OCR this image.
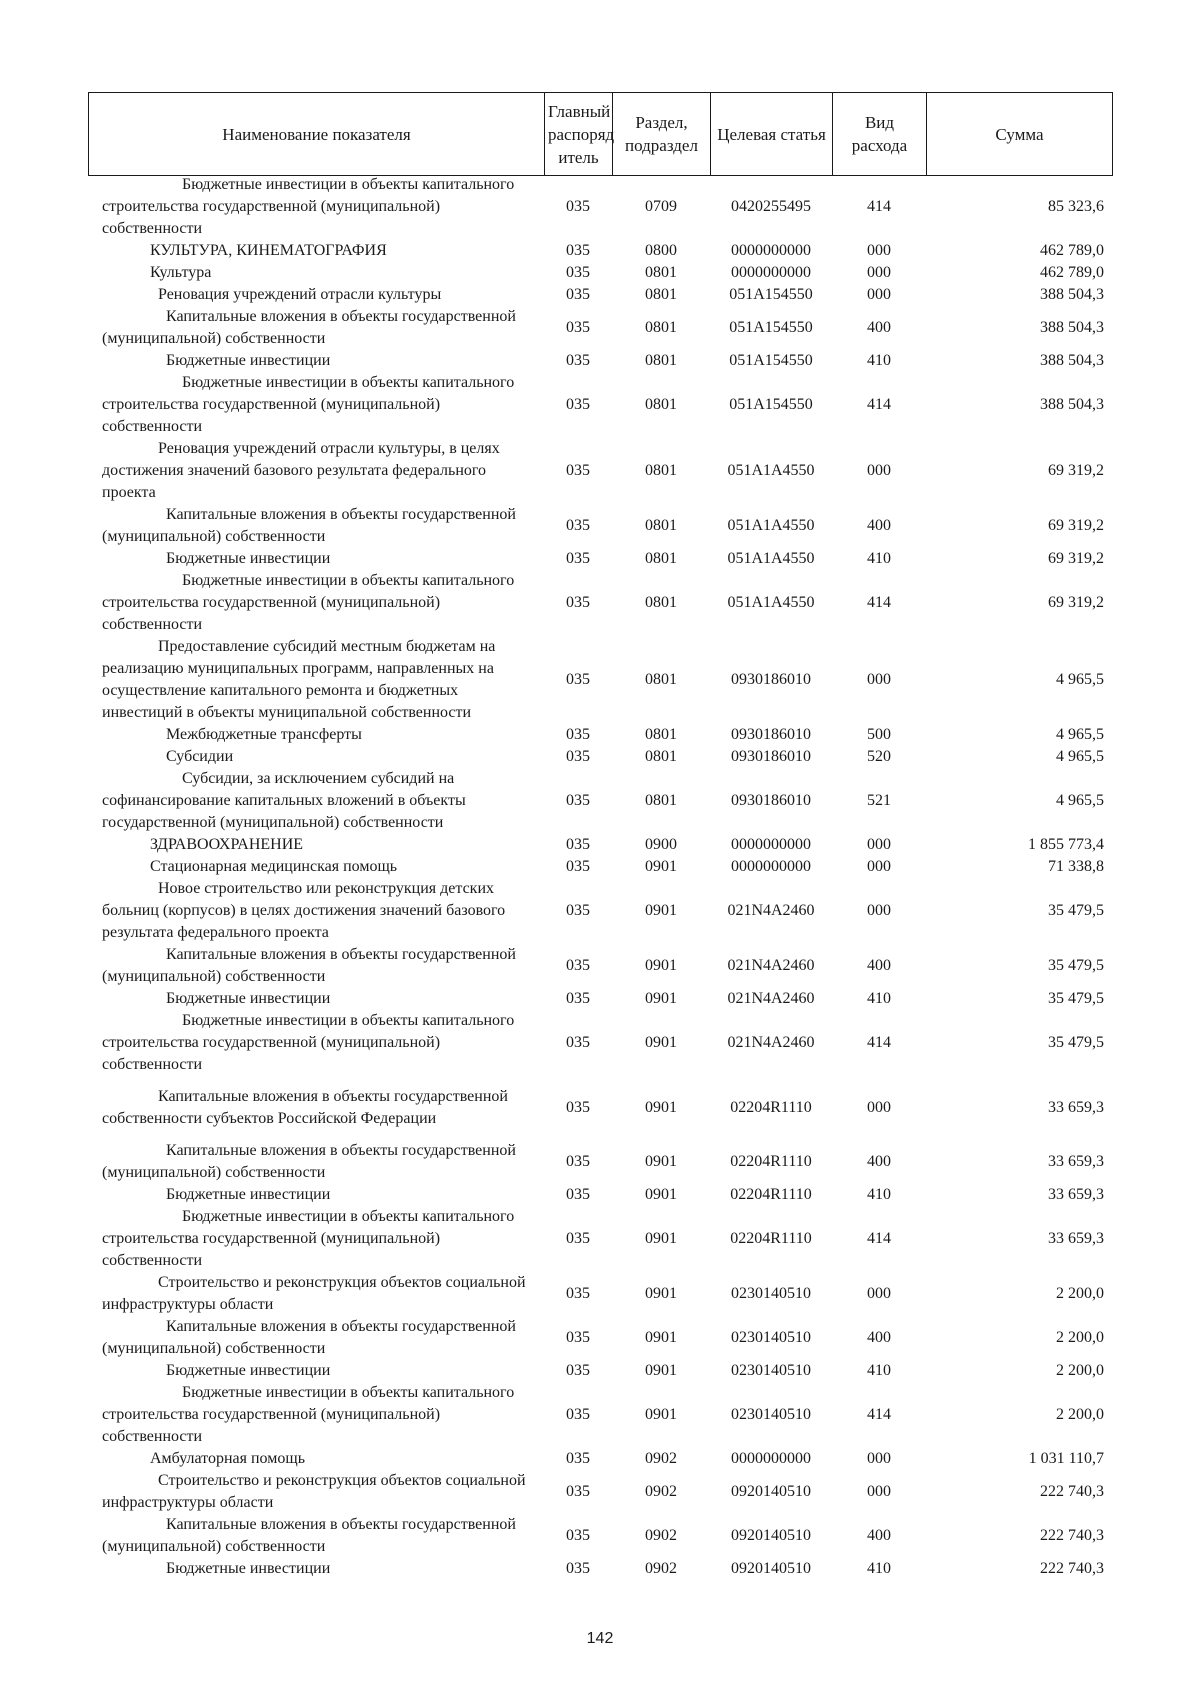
Наименование показателя	Главный распоряд итель	Раздел, подраздел	Целевая статья	Вид расхода	Сумма
Бюджетные инвестиции в объекты капитального строительства государственной (муниципальной) собственности	035	0709	0420255495	414	85 323,6

КУЛЬТУРА, КИНЕМАТОГРАФИЯ	035	0800	0000000000	000	462 789,0

Культура	035	0801	0000000000	000	462 789,0

Реновация учреждений отрасли культуры	035	0801	051A154550	000	388 504,3

Капитальные вложения в объекты государственной (муниципальной) собственности	035	0801	051A154550	400	388 504,3

Бюджетные инвестиции	035	0801	051A154550	410	388 504,3

Бюджетные инвестиции в объекты капитального строительства государственной (муниципальной) собственности	035	0801	051A154550	414	388 504,3

Реновация учреждений отрасли культуры, в целях достижения значений базового результата федерального проекта	035	0801	051A1A4550	000	69 319,2

Капитальные вложения в объекты государственной (муниципальной) собственности	035	0801	051A1A4550	400	69 319,2

Бюджетные инвестиции	035	0801	051A1A4550	410	69 319,2

Бюджетные инвестиции в объекты капитального строительства государственной (муниципальной) собственности	035	0801	051A1A4550	414	69 319,2

Предоставление субсидий местным бюджетам на реализацию муниципальных программ, направленных на осуществление капитального ремонта и бюджетных инвестиций в объекты муниципальной собственности	035	0801	0930186010	000	4 965,5

Межбюджетные трансферты	035	0801	0930186010	500	4 965,5

Субсидии	035	0801	0930186010	520	4 965,5

Субсидии, за исключением субсидий на софинансирование капитальных вложений в объекты государственной (муниципальной) собственности	035	0801	0930186010	521	4 965,5

ЗДРАВООХРАНЕНИЕ	035	0900	0000000000	000	1 855 773,4

Стационарная медицинская помощь	035	0901	0000000000	000	71 338,8

Новое строительство или реконструкция детских больниц (корпусов) в целях достижения значений базового результата федерального проекта	035	0901	021N4A2460	000	35 479,5

Капитальные вложения в объекты государственной (муниципальной) собственности	035	0901	021N4A2460	400	35 479,5

Бюджетные инвестиции	035	0901	021N4A2460	410	35 479,5

Бюджетные инвестиции в объекты капитального строительства государственной (муниципальной) собственности	035	0901	021N4A2460	414	35 479,5

Капитальные вложения в объекты государственной собственности субъектов Российской Федерации	035	0901	02204R1110	000	33 659,3

Капитальные вложения в объекты государственной (муниципальной) собственности	035	0901	02204R1110	400	33 659,3

Бюджетные инвестиции	035	0901	02204R1110	410	33 659,3

Бюджетные инвестиции в объекты капитального строительства государственной (муниципальной) собственности	035	0901	02204R1110	414	33 659,3

Строительство и реконструкция объектов социальной инфраструктуры области	035	0901	0230140510	000	2 200,0

Капитальные вложения в объекты государственной (муниципальной) собственности	035	0901	0230140510	400	2 200,0

Бюджетные инвестиции	035	0901	0230140510	410	2 200,0

Бюджетные инвестиции в объекты капитального строительства государственной (муниципальной) собственности	035	0901	0230140510	414	2 200,0

Амбулаторная помощь	035	0902	0000000000	000	1 031 110,7

Строительство и реконструкция объектов социальной инфраструктуры области	035	0902	0920140510	000	222 740,3

Капитальные вложения в объекты государственной (муниципальной) собственности	035	0902	0920140510	400	222 740,3

Бюджетные инвестиции	035	0902	0920140510	410	222 740,3
142
